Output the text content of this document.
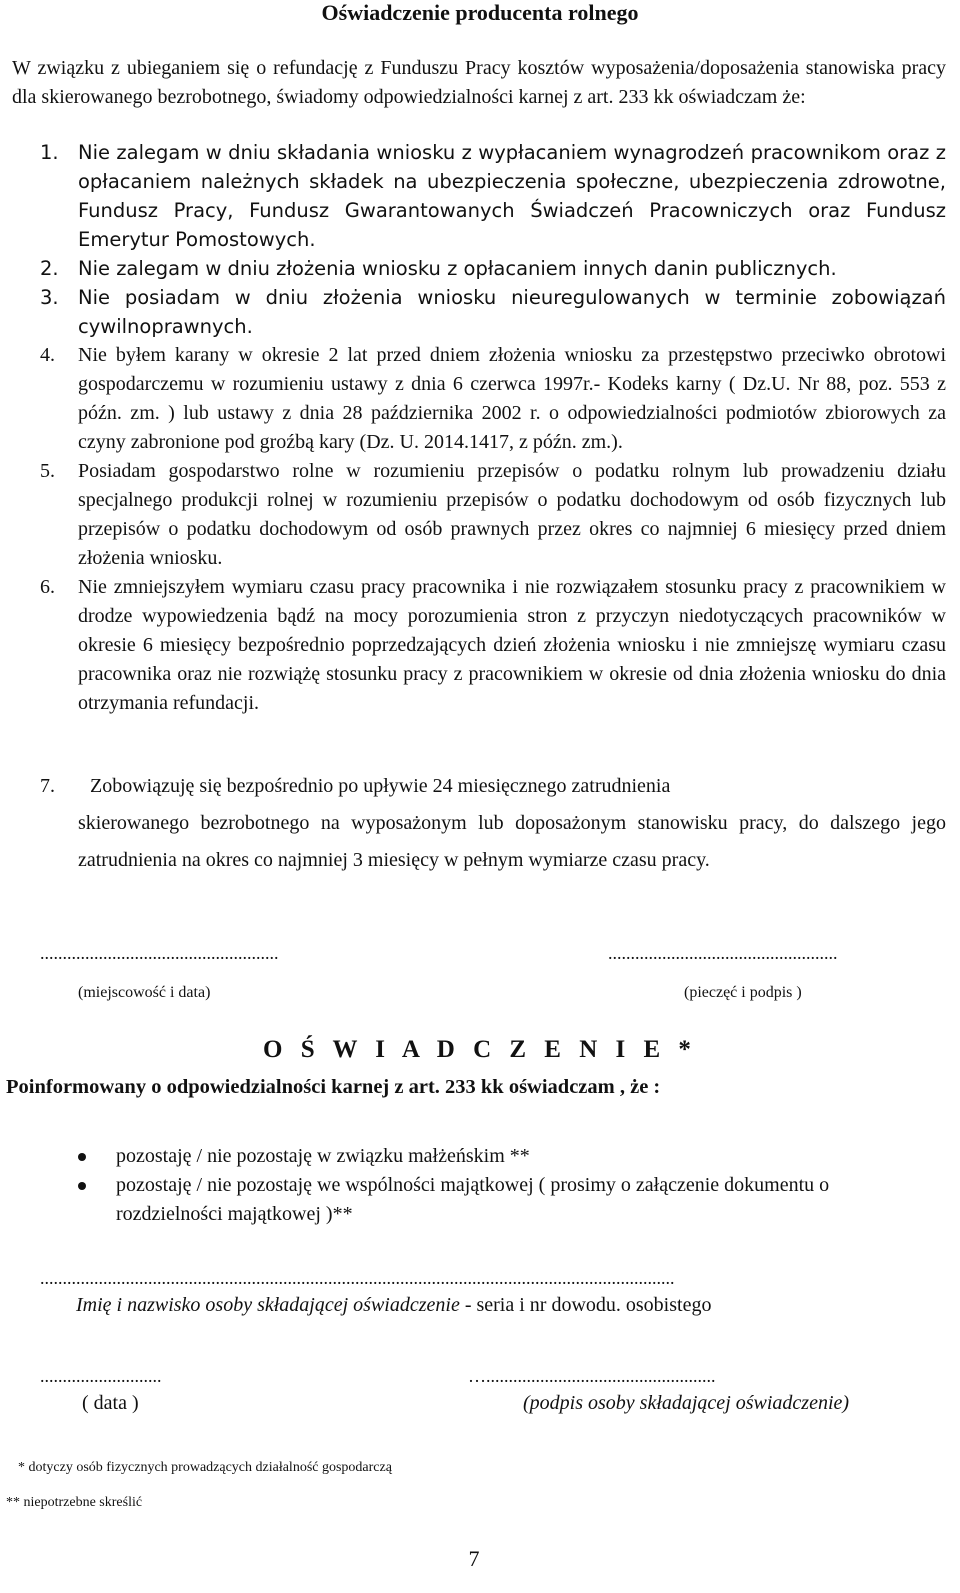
Oświadczenie producenta rolnego
W związku z ubieganiem się o refundację z Funduszu Pracy kosztów wyposażenia/doposażenia stanowiska pracy dla skierowanego bezrobotnego, świadomy odpowiedzialności karnej z art. 233 kk oświadczam że:
1. Nie zalegam w dniu składania wniosku z wypłacaniem wynagrodzeń pracownikom oraz z opłacaniem należnych składek na ubezpieczenia społeczne, ubezpieczenia zdrowotne, Fundusz Pracy, Fundusz Gwarantowanych Świadczeń Pracowniczych oraz Fundusz Emerytur Pomostowych.
2. Nie zalegam w dniu złożenia wniosku z opłacaniem innych danin publicznych.
3. Nie posiadam w dniu złożenia wniosku nieuregulowanych w terminie zobowiązań cywilnoprawnych.
4. Nie byłem karany w okresie 2 lat przed dniem złożenia wniosku za przestępstwo przeciwko obrotowi gospodarczemu w rozumieniu ustawy z dnia 6 czerwca 1997r.- Kodeks karny ( Dz.U. Nr 88, poz. 553 z późn. zm. ) lub ustawy z dnia 28 października 2002 r. o odpowiedzialności podmiotów zbiorowych za czyny zabronione pod groźbą kary (Dz. U. 2014.1417, z późn. zm.).
5. Posiadam gospodarstwo rolne w rozumieniu przepisów o podatku rolnym lub prowadzeniu działu specjalnego produkcji rolnej w rozumieniu przepisów o podatku dochodowym od osób fizycznych lub przepisów o podatku dochodowym od osób prawnych przez okres co najmniej 6 miesięcy przed dniem złożenia wniosku.
6. Nie zmniejszyłem wymiaru czasu pracy pracownika i nie rozwiązałem stosunku pracy z pracownikiem w drodze wypowiedzenia bądź na mocy porozumienia stron z przyczyn niedotyczących pracowników w okresie 6 miesięcy bezpośrednio poprzedzających dzień złożenia wniosku i nie zmniejszę wymiaru czasu pracownika oraz nie rozwiążę stosunku pracy z pracownikiem w okresie od dnia złożenia wniosku do dnia otrzymania refundacji.
7.	Zobowiązuję się bezpośrednio po upływie 24 miesięcznego zatrudnienia
skierowanego bezrobotnego na wyposażonym lub doposażonym stanowisku pracy, do dalszego jego zatrudnienia na okres co najmniej 3 miesięcy w pełnym wymiarze czasu pracy.
.....................................................	...................................................
(miejscowość i data)	(pieczęć i podpis )
O Ś W I A D C Z E N I E *
Poinformowany o odpowiedzialności karnej z art. 233 kk oświadczam , że :
pozostaję / nie pozostaję w związku małżeńskim **
pozostaję / nie pozostaję we wspólności majątkowej ( prosimy o załączenie dokumentu o rozdzielności majątkowej )**
.............................................................................................................................................
Imię i nazwisko osoby składającej oświadczenie - seria i nr dowodu. osobistego
...........................	…...................................................
( data )	(podpis osoby składającej oświadczenie)
* dotyczy osób fizycznych prowadzących działalność gospodarczą
** niepotrzebne skreślić
7
